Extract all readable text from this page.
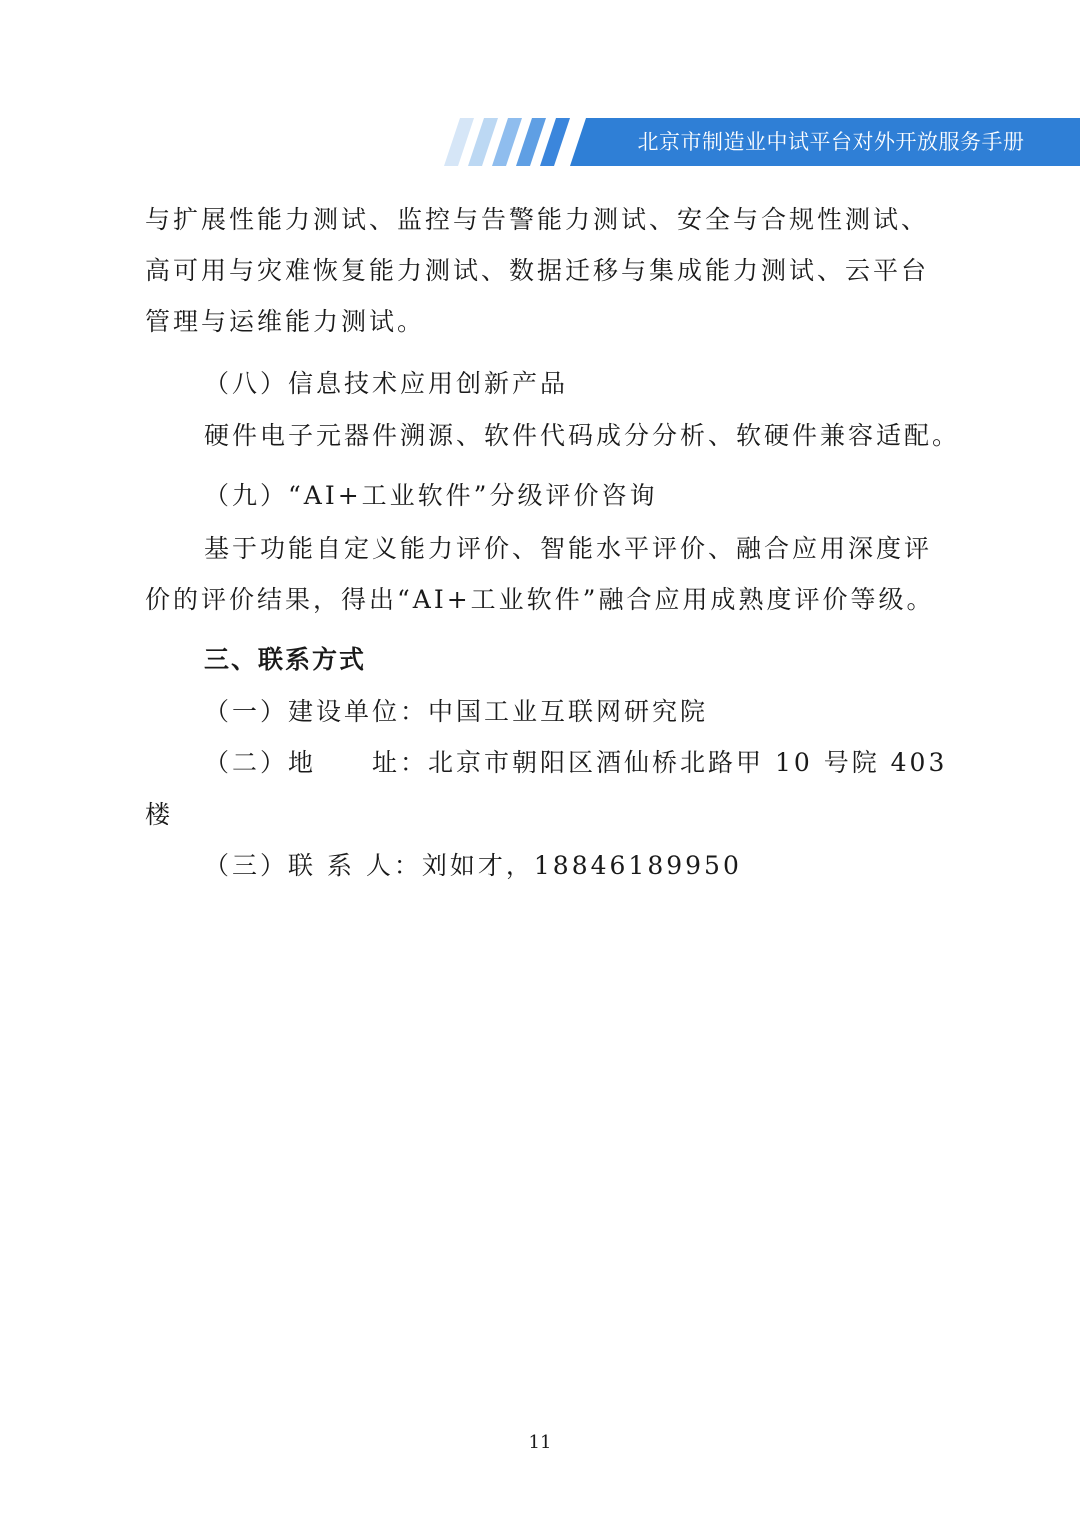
北京市制造业中试平台对外开放服务手册

与扩展性能力测试、监控与告警能力测试、安全与合规性测试、

高可用与灾难恢复能力测试、数据迁移与集成能力测试、云平台

管理与运维能力测试。

（八）信息技术应用创新产品

硬件电子元器件溯源、软件代码成分分析、软硬件兼容适配。

（九）“AI+工业软件”分级评价咨询

基于功能自定义能力评价、智能水平评价、融合应用深度评

价的评价结果，得出“AI+工业软件”融合应用成熟度评价等级。

三、联系方式

（一）建设单位：中国工业互联网研究院

（二）地　　址：北京市朝阳区酒仙桥北路甲 10 号院 403

楼

（三）联 系 人：刘如才，18846189950

11
